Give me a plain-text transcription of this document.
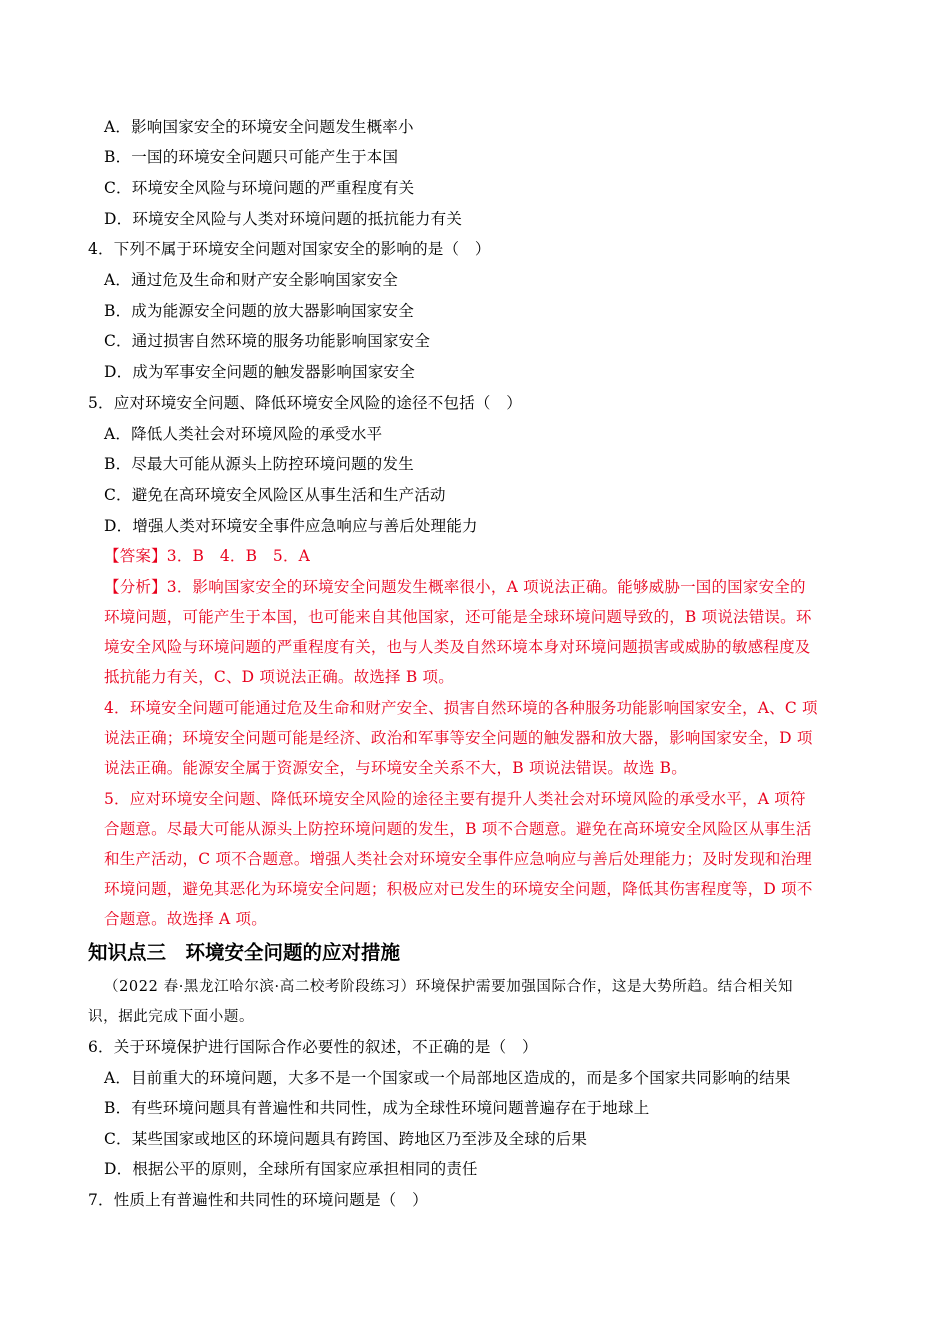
A．影响国家安全的环境安全问题发生概率小
B．一国的环境安全问题只可能产生于本国
C．环境安全风险与环境问题的严重程度有关
D．环境安全风险与人类对环境问题的抵抗能力有关
4．下列不属于环境安全问题对国家安全的影响的是（　）
A．通过危及生命和财产安全影响国家安全
B．成为能源安全问题的放大器影响国家安全
C．通过损害自然环境的服务功能影响国家安全
D．成为军事安全问题的触发器影响国家安全
5．应对环境安全问题、降低环境安全风险的途径不包括（　）
A．降低人类社会对环境风险的承受水平
B．尽最大可能从源头上防控环境问题的发生
C．避免在高环境安全风险区从事生活和生产活动
D．增强人类对环境安全事件应急响应与善后处理能力
【答案】3．B　4．B　5．A
【分析】3．影响国家安全的环境安全问题发生概率很小，A 项说法正确。能够威胁一国的国家安全的
环境问题，可能产生于本国，也可能来自其他国家，还可能是全球环境问题导致的，B 项说法错误。环
境安全风险与环境问题的严重程度有关，也与人类及自然环境本身对环境问题损害或威胁的敏感程度及
抵抗能力有关，C、D 项说法正确。故选择 B 项。
4．环境安全问题可能通过危及生命和财产安全、损害自然环境的各种服务功能影响国家安全，A、C 项
说法正确；环境安全问题可能是经济、政治和军事等安全问题的触发器和放大器，影响国家安全，D 项
说法正确。能源安全属于资源安全，与环境安全关系不大，B 项说法错误。故选 B。
5．应对环境安全问题、降低环境安全风险的途径主要有提升人类社会对环境风险的承受水平，A 项符
合题意。尽最大可能从源头上防控环境问题的发生，B 项不合题意。避免在高环境安全风险区从事生活
和生产活动，C 项不合题意。增强人类社会对环境安全事件应急响应与善后处理能力；及时发现和治理
环境问题，避免其恶化为环境安全问题；积极应对已发生的环境安全问题，降低其伤害程度等，D 项不
合题意。故选择 A 项。
知识点三　环境安全问题的应对措施
（2022 春·黑龙江哈尔滨·高二校考阶段练习）环境保护需要加强国际合作，这是大势所趋。结合相关知
识，据此完成下面小题。
6．关于环境保护进行国际合作必要性的叙述，不正确的是（　）
A．目前重大的环境问题，大多不是一个国家或一个局部地区造成的，而是多个国家共同影响的结果
B．有些环境问题具有普遍性和共同性，成为全球性环境问题普遍存在于地球上
C．某些国家或地区的环境问题具有跨国、跨地区乃至涉及全球的后果
D．根据公平的原则，全球所有国家应承担相同的责任
7．性质上有普遍性和共同性的环境问题是（　）
